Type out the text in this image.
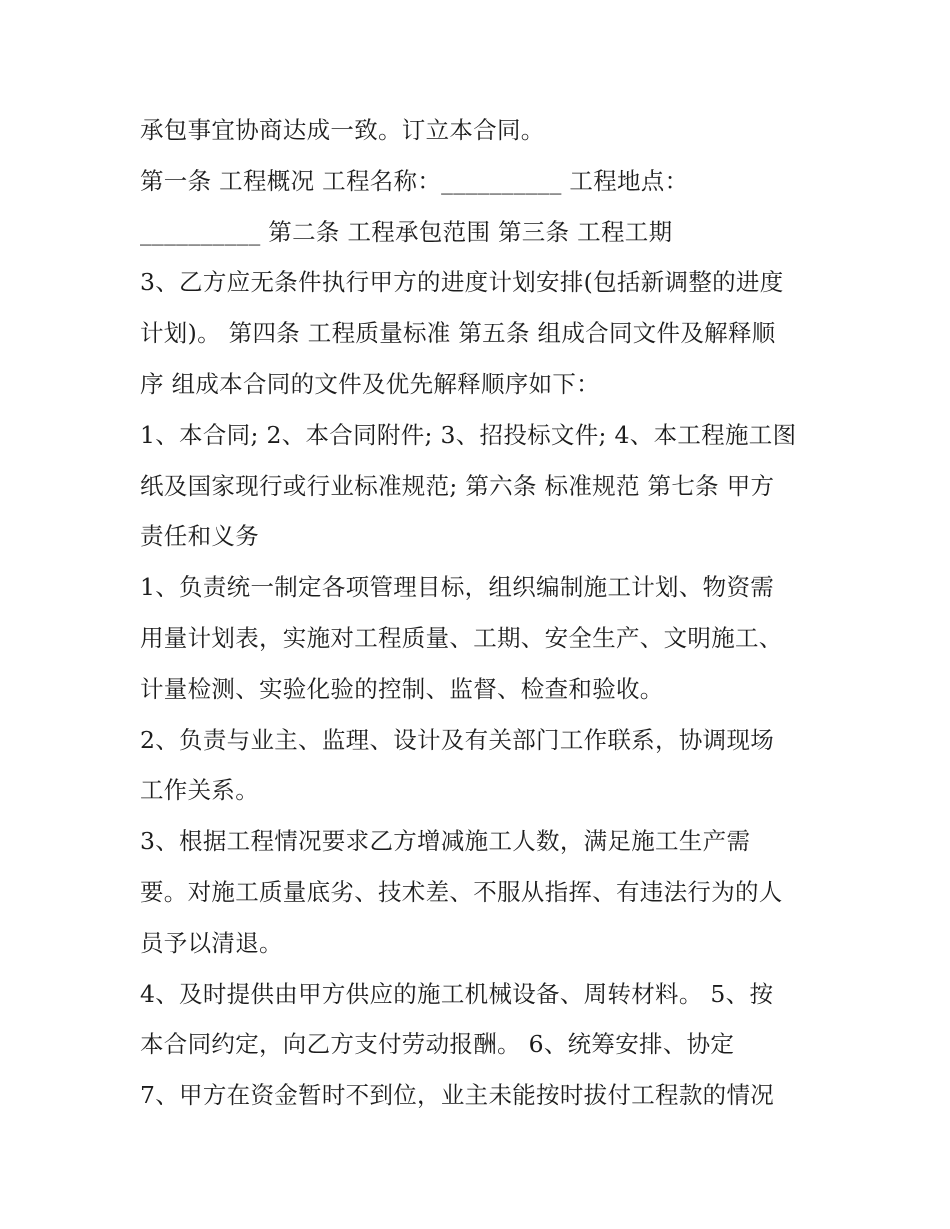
承包事宜协商达成一致。订立本合同。
第一条 工程概况 工程名称：__________ 工程地点：
__________ 第二条 工程承包范围 第三条 工程工期
3、乙方应无条件执行甲方的进度计划安排(包括新调整的进度
计划)。 第四条 工程质量标准 第五条 组成合同文件及解释顺
序 组成本合同的文件及优先解释顺序如下：
1、本合同; 2、本合同附件; 3、招投标文件; 4、本工程施工图
纸及国家现行或行业标准规范; 第六条 标准规范 第七条 甲方
责任和义务
1、负责统一制定各项管理目标，组织编制施工计划、物资需
用量计划表，实施对工程质量、工期、安全生产、文明施工、
计量检测、实验化验的控制、监督、检查和验收。
2、负责与业主、监理、设计及有关部门工作联系，协调现场
工作关系。
3、根据工程情况要求乙方增减施工人数，满足施工生产需
要。对施工质量底劣、技术差、不服从指挥、有违法行为的人
员予以清退。
4、及时提供由甲方供应的施工机械设备、周转材料。 5、按
本合同约定，向乙方支付劳动报酬。 6、统筹安排、协定
7、甲方在资金暂时不到位，业主未能按时拔付工程款的情况
